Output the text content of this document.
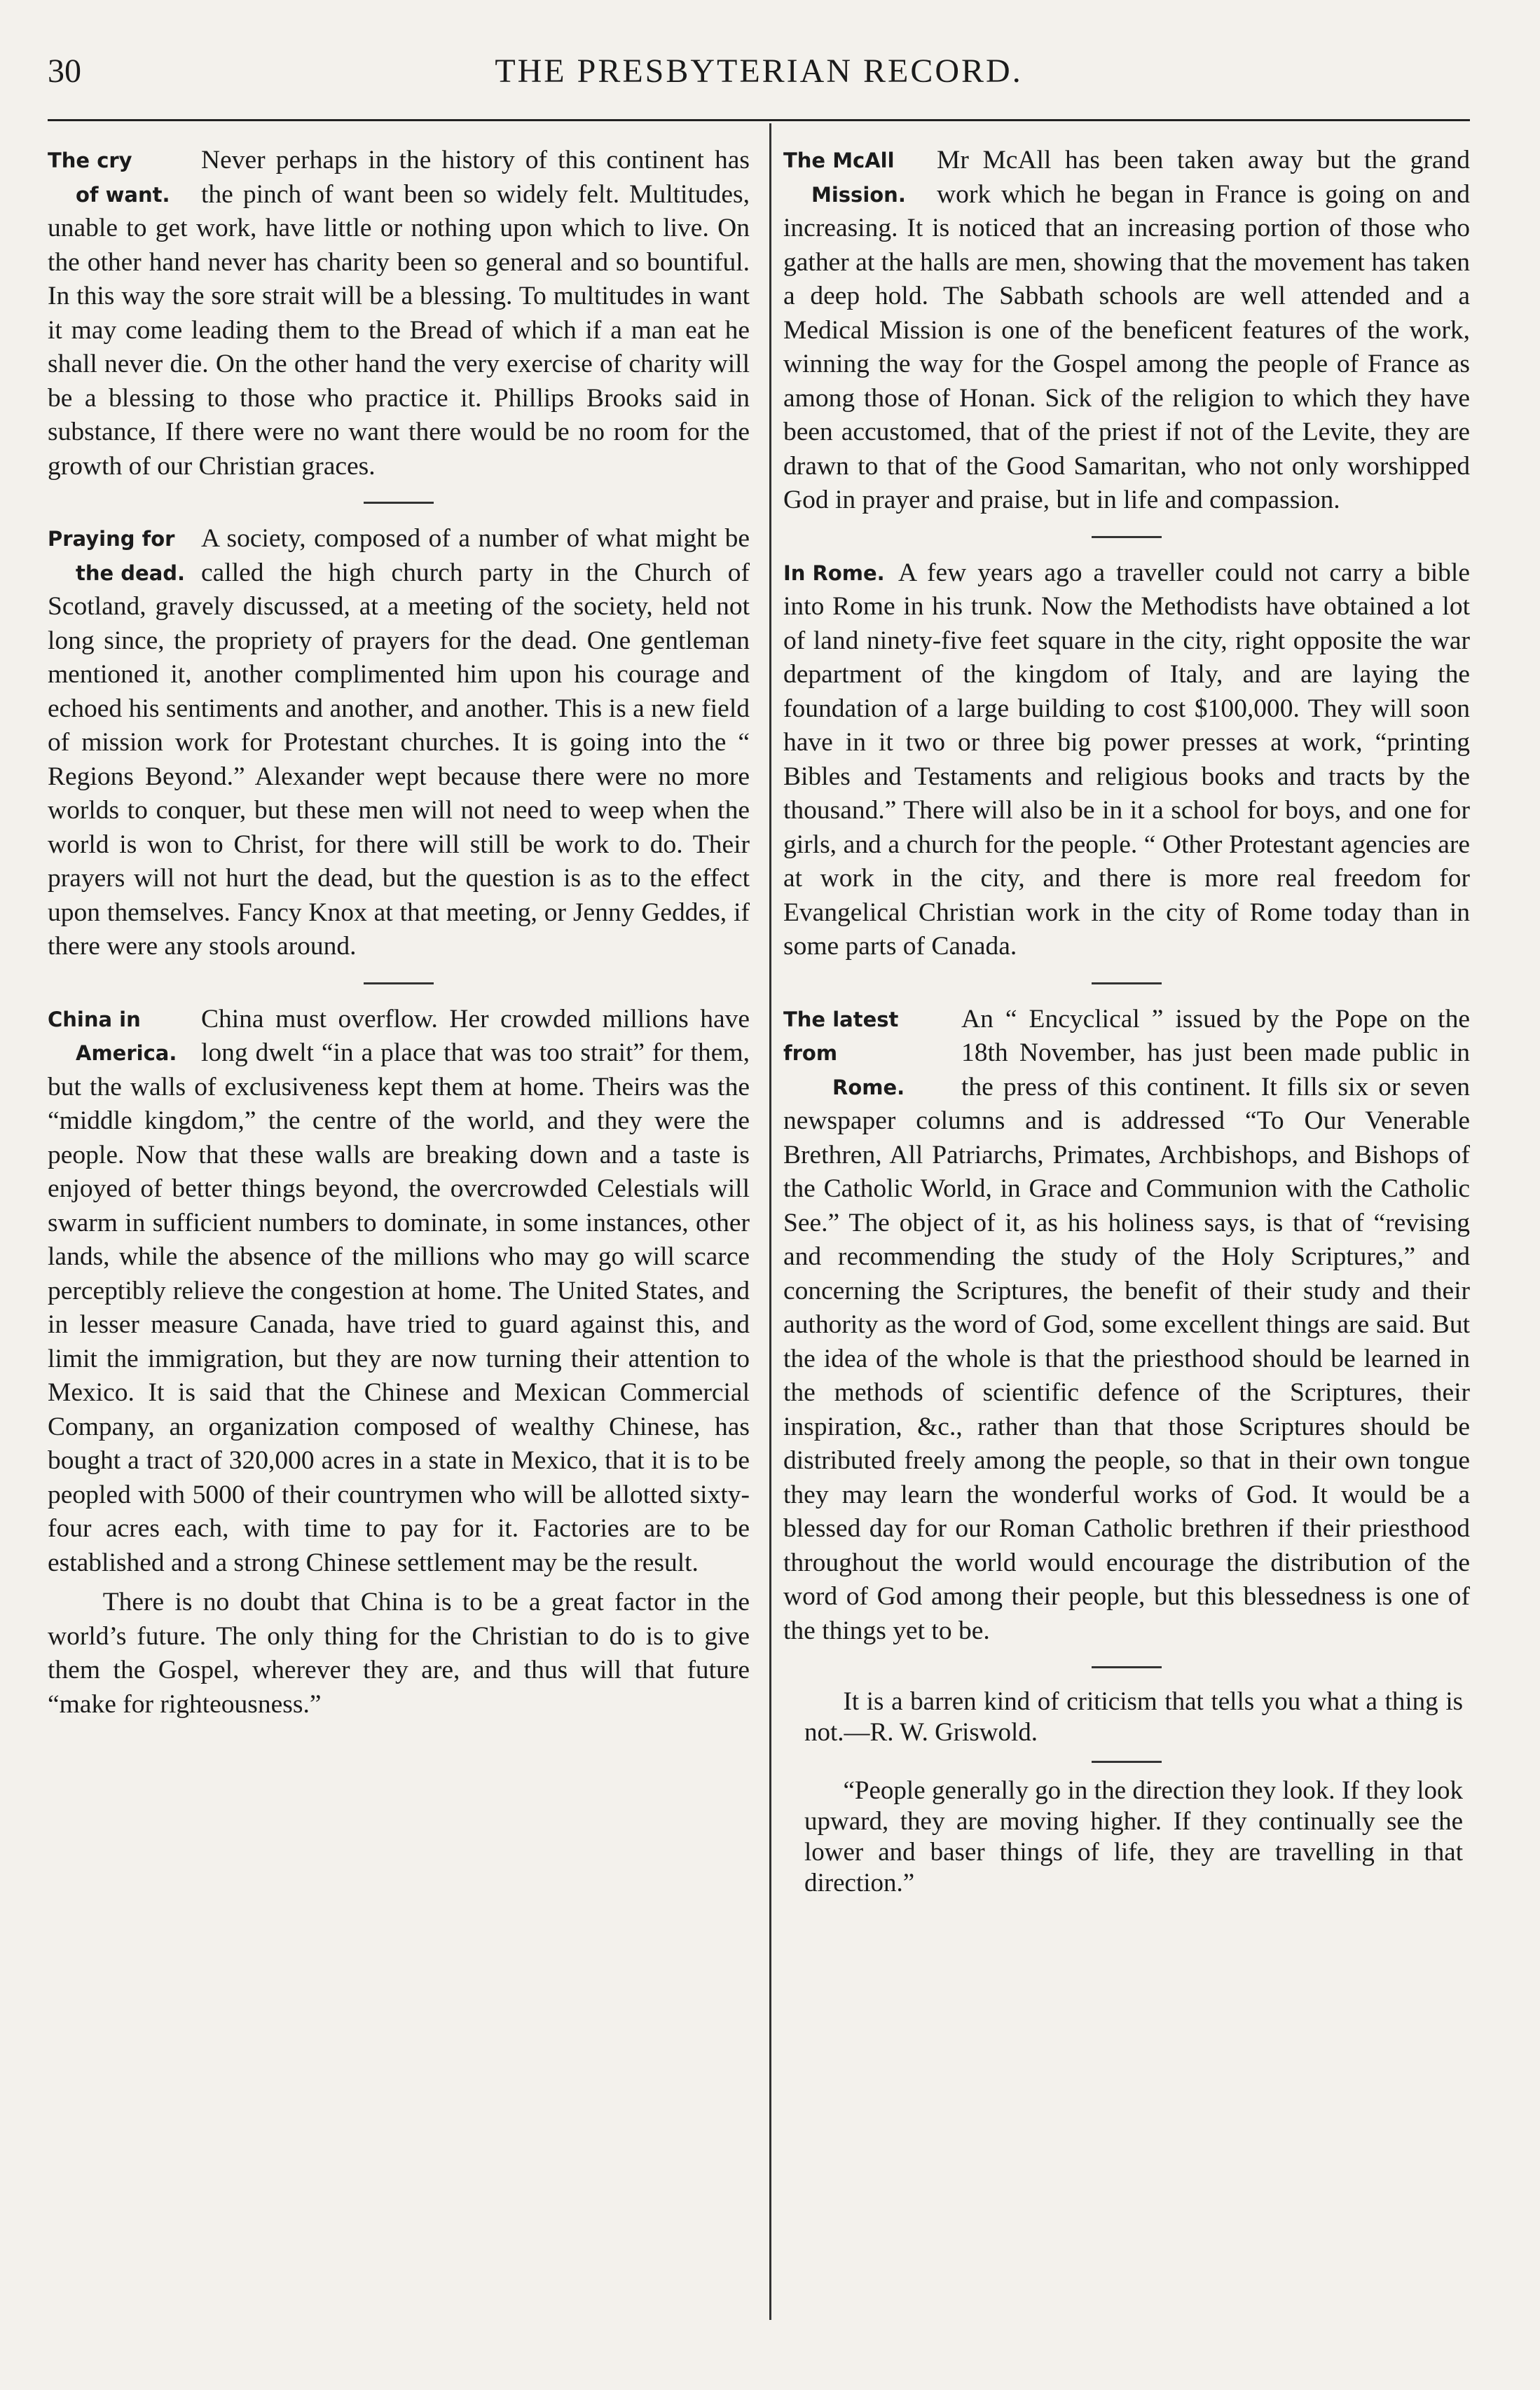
30	THE PRESBYTERIAN RECORD.
The cry
of want.
Never perhaps in the history of this continent has the pinch of want been so widely felt. Multitudes, unable to get work, have little or nothing upon which to live. On the other hand never has charity been so general and so bountiful. In this way the sore strait will be a blessing. To multitudes in want it may come leading them to the Bread of which if a man eat he shall never die. On the other hand the very exercise of charity will be a blessing to those who practice it. Phillips Brooks said in substance, If there were no want there would be no room for the growth of our Christian graces.
Praying for
the dead.
A society, composed of a number of what might be called the high church party in the Church of Scotland, gravely discussed, at a meeting of the society, held not long since, the propriety of prayers for the dead. One gentleman mentioned it, another complimented him upon his courage and echoed his sentiments and another, and another. This is a new field of mission work for Protestant churches. It is going into the “ Regions Beyond.” Alexander wept because there were no more worlds to conquer, but these men will not need to weep when the world is won to Christ, for there will still be work to do. Their prayers will not hurt the dead, but the question is as to the effect upon themselves. Fancy Knox at that meeting, or Jenny Geddes, if there were any stools around.
China in
America.
China must overflow. Her crowded millions have long dwelt “in a place that was too strait” for them, but the walls of exclusiveness kept them at home. Theirs was the “middle kingdom,” the centre of the world, and they were the people. Now that these walls are breaking down and a taste is enjoyed of better things beyond, the overcrowded Celestials will swarm in sufficient numbers to dominate, in some instances, other lands, while the absence of the millions who may go will scarce perceptibly relieve the congestion at home. The United States, and in lesser measure Canada, have tried to guard against this, and limit the immigration, but they are now turning their attention to Mexico. It is said that the Chinese and Mexican Commercial Company, an organization composed of wealthy Chinese, has bought a tract of 320,000 acres in a state in Mexico, that it is to be peopled with 5000 of their countrymen who will be allotted sixty-four acres each, with time to pay for it. Factories are to be established and a strong Chinese settlement may be the result.

There is no doubt that China is to be a great factor in the world’s future. The only thing for the Christian to do is to give them the Gospel, wherever they are, and thus will that future “make for righteousness.”

The McAll
Mission.
Mr McAll has been taken away but the grand work which he began in France is going on and increasing. It is noticed that an increasing portion of those who gather at the halls are men, showing that the movement has taken a deep hold. The Sabbath schools are well attended and a Medical Mission is one of the beneficent features of the work, winning the way for the Gospel among the people of France as among those of Honan. Sick of the religion to which they have been accustomed, that of the priest if not of the Levite, they are drawn to that of the Good Samaritan, who not only worshipped God in prayer and praise, but in life and compassion.
In Rome. A few years ago a traveller could not carry a bible into Rome in his trunk. Now the Methodists have obtained a lot of land ninety-five feet square in the city, right opposite the war department of the kingdom of Italy, and are laying the foundation of a large building to cost $100,000. They will soon have in it two or three big power presses at work, “printing Bibles and Testaments and religious books and tracts by the thousand.” There will also be in it a school for boys, and one for girls, and a church for the people. “ Other Protestant agencies are at work in the city, and there is more real freedom for Evangelical Christian work in the city of Rome today than in some parts of Canada.
The latest from
Rome.
An “ Encyclical ” issued by the Pope on the 18th November, has just been made public in the press of this continent. It fills six or seven newspaper columns and is addressed “To Our Venerable Brethren, All Patriarchs, Primates, Archbishops, and Bishops of the Catholic World, in Grace and Communion with the Catholic See.” The object of it, as his holiness says, is that of “revising and recommending the study of the Holy Scriptures,” and concerning the Scriptures, the benefit of their study and their authority as the word of God, some excellent things are said. But the idea of the whole is that the priesthood should be learned in the methods of scientific defence of the Scriptures, their inspiration, &c., rather than that those Scriptures should be distributed freely among the people, so that in their own tongue they may learn the wonderful works of God. It would be a blessed day for our Roman Catholic brethren if their priesthood throughout the world would encourage the distribution of the word of God among their people, but this blessedness is one of the things yet to be.
It is a barren kind of criticism that tells you what a thing is not.—R. W. Griswold.
“People generally go in the direction they look. If they look upward, they are moving higher. If they continually see the lower and baser things of life, they are travelling in that direction.”
